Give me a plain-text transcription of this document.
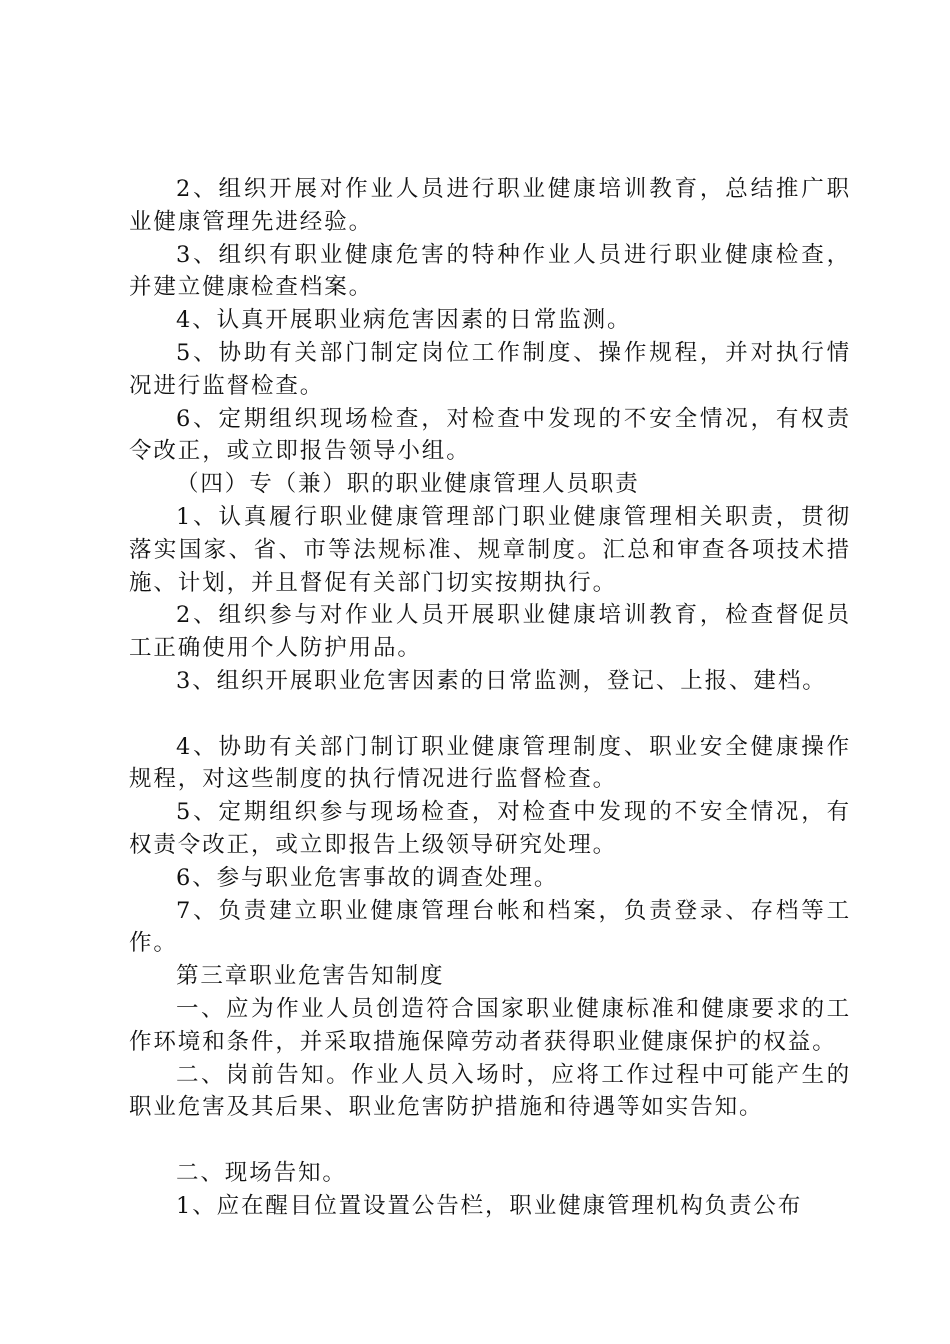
2、组织开展对作业人员进行职业健康培训教育，总结推广职业健康管理先进经验。

3、组织有职业健康危害的特种作业人员进行职业健康检查，并建立健康检查档案。

4、认真开展职业病危害因素的日常监测。

5、协助有关部门制定岗位工作制度、操作规程，并对执行情况进行监督检查。

6、定期组织现场检查，对检查中发现的不安全情况，有权责令改正，或立即报告领导小组。

（四）专（兼）职的职业健康管理人员职责

1、认真履行职业健康管理部门职业健康管理相关职责，贯彻落实国家、省、市等法规标准、规章制度。汇总和审查各项技术措施、计划，并且督促有关部门切实按期执行。

2、组织参与对作业人员开展职业健康培训教育，检查督促员工正确使用个人防护用品。

3、组织开展职业危害因素的日常监测，登记、上报、建档。

4、协助有关部门制订职业健康管理制度、职业安全健康操作规程，对这些制度的执行情况进行监督检查。

5、定期组织参与现场检查，对检查中发现的不安全情况，有权责令改正，或立即报告上级领导研究处理。

6、参与职业危害事故的调查处理。

7、负责建立职业健康管理台帐和档案，负责登录、存档等工作。

第三章职业危害告知制度

一、应为作业人员创造符合国家职业健康标准和健康要求的工作环境和条件，并采取措施保障劳动者获得职业健康保护的权益。

二、岗前告知。作业人员入场时，应将工作过程中可能产生的职业危害及其后果、职业危害防护措施和待遇等如实告知。

二、现场告知。

1、应在醒目位置设置公告栏，职业健康管理机构负责公布
